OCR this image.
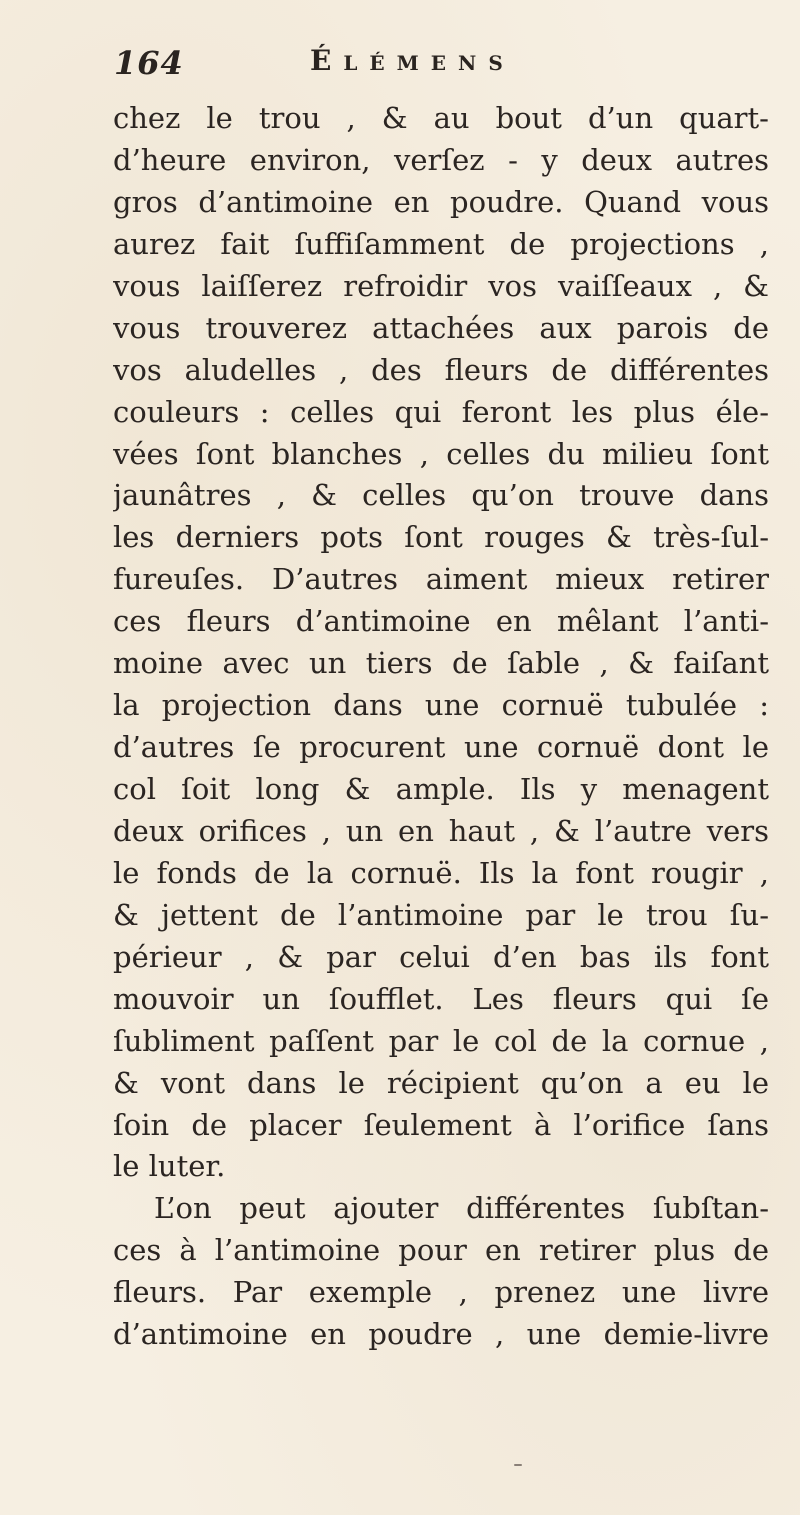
164	Élémens
chez le trou , & au bout d’un quart-
d’heure environ, verſez - y deux autres
gros d’antimoine en poudre. Quand vous
aurez fait ſuffiſamment de projections ,
vous laiſſerez refroidir vos vaiſſeaux , &
vous trouverez attachées aux parois de
vos aludelles , des fleurs de différentes
couleurs : celles qui feront les plus éle-
vées ſont blanches , celles du milieu ſont
jaunâtres , & celles qu’on trouve dans
les derniers pots ſont rouges & très-ſul-
fureuſes. D’autres aiment mieux retirer
ces fleurs d’antimoine en mêlant l’anti-
moine avec un tiers de ſable , & faiſant
la projection dans une cornuë tubulée :
d’autres ſe procurent une cornuë dont le
col ſoit long & ample. Ils y menagent
deux orifices , un en haut , & l’autre vers
le fonds de la cornuë. Ils la font rougir ,
& jettent de l’antimoine par le trou ſu-
périeur , & par celui d’en bas ils font
mouvoir un ſoufflet. Les fleurs qui ſe
ſubliment paſſent par le col de la cornue ,
& vont dans le récipient qu’on a eu le
ſoin de placer ſeulement à l’orifice ſans
le luter.
L’on peut ajouter différentes ſubſtan-
ces à l’antimoine pour en retirer plus de
fleurs. Par exemple , prenez une livre
d’antimoine en poudre , une demie-livre
